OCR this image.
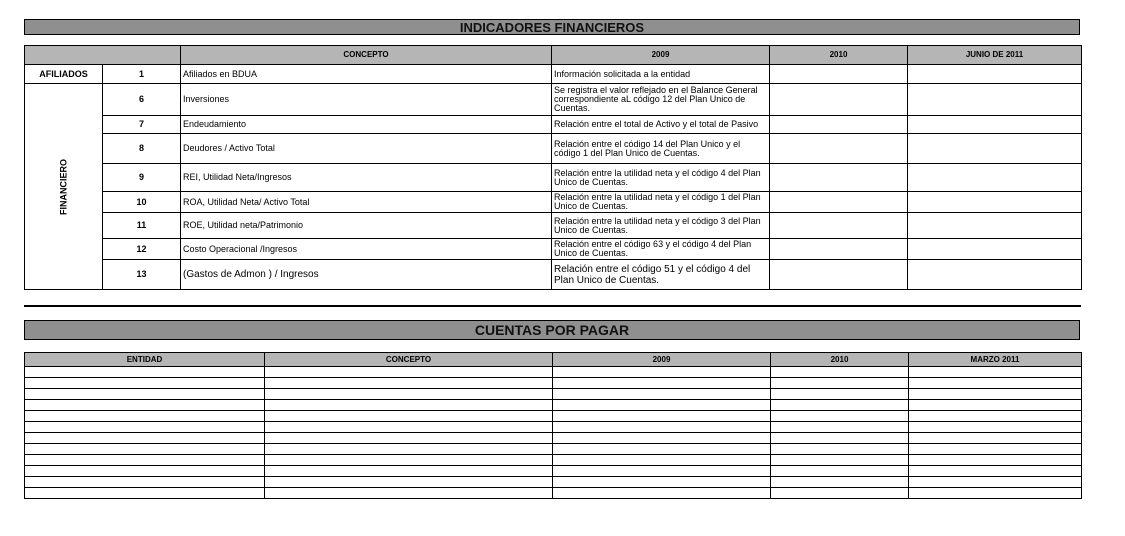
INDICADORES FINANCIEROS
		CONCEPTO	2009	2010	JUNIO DE 2011
AFILIADOS	1	Afiliados en BDUA	Información solicitada a la entidad		

FINANCIERO	6	Inversiones	Se registra el valor reflejado en el Balance General correspondiente aL código 12 del Plan Unico de Cuentas.		
	7	Endeudamiento	Relación entre el total de Activo y el total de Pasivo		
	8	Deudores / Activo Total	Relación entre el código 14 del Plan Unico y el código 1 del Plan Unico de Cuentas.		
	9	REI, Utilidad Neta/Ingresos	Relación entre la utilidad neta y el código 4 del Plan Unico de Cuentas.		
	10	ROA, Utilidad Neta/ Activo Total	Relación entre la utilidad neta y el código 1 del Plan Unico de Cuentas.		
	11	ROE, Utilidad neta/Patrimonio	Relación entre la utilidad neta y el código 3 del Plan Unico de Cuentas.		
	12	Costo Operacional /Ingresos	Relación entre el código 63 y el código 4 del Plan Unico de Cuentas.		
	13	(Gastos de Admon ) / Ingresos	Relación entre el código 51 y el código 4 del Plan Unico de Cuentas.		
CUENTAS POR PAGAR
ENTIDAD	CONCEPTO	2009	2010	MARZO 2011
